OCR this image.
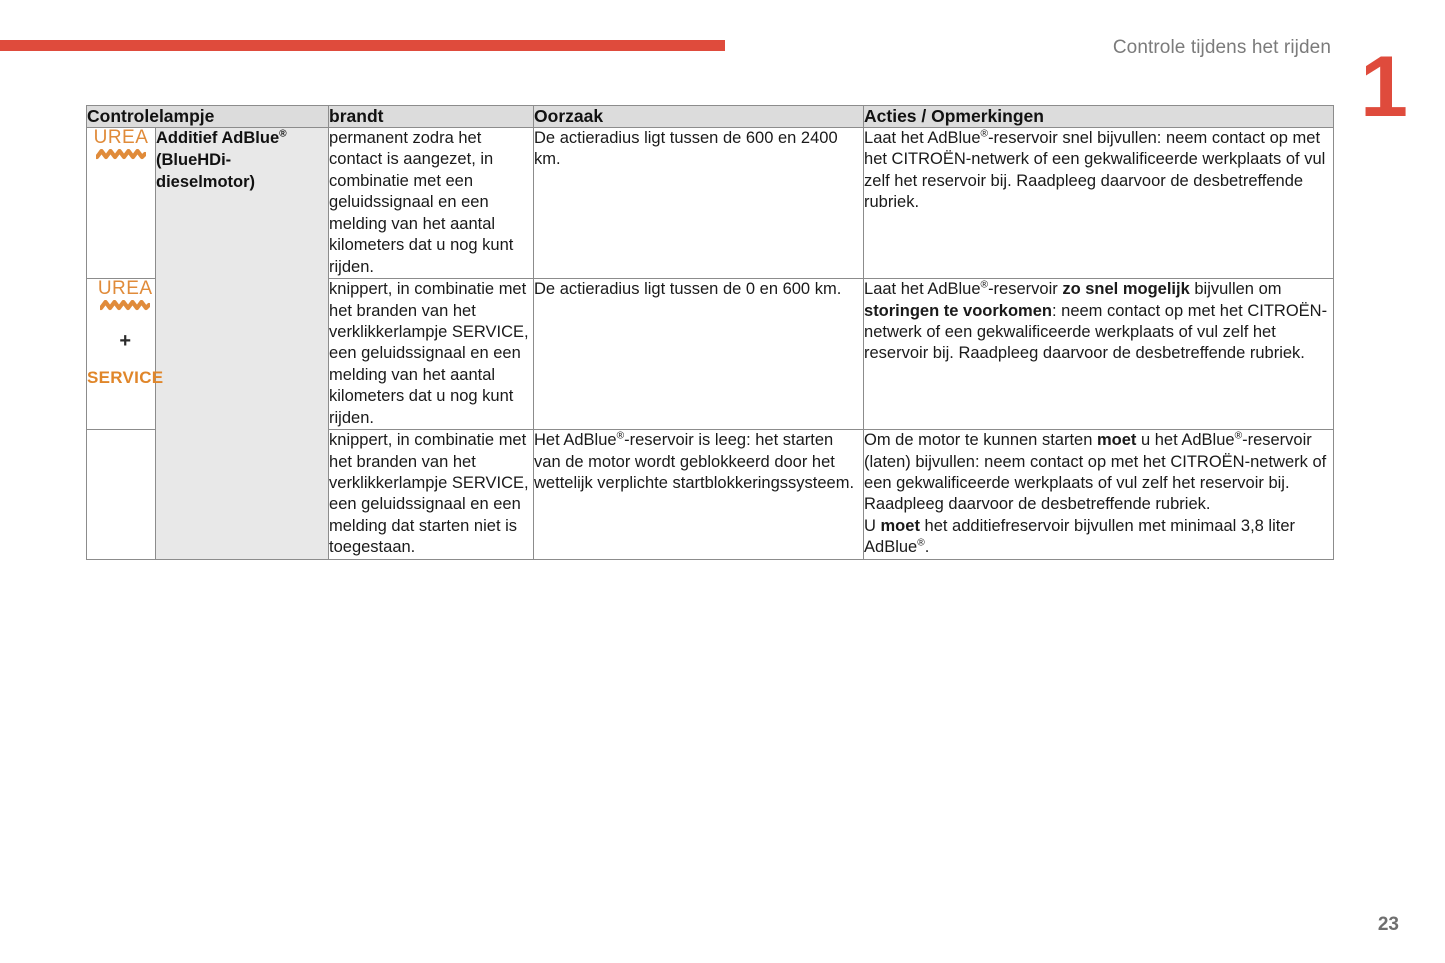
Controle tijdens het rijden 1
Controlelampje		brandt	Oorzaak	Acties / Opmerkingen

UREA	Additief AdBlue®
(BlueHDi-
dieselmotor)	permanent zodra het contact is aangezet, in combinatie met een geluidssignaal en een melding van het aantal kilometers dat u nog kunt rijden.	De actieradius ligt tussen de 600 en 2400 km.	Laat het AdBlue®-reservoir snel bijvullen: neem contact op met het CITROËN-netwerk of een gekwalificeerde werkplaats of vul zelf het reservoir bij. Raadpleeg daarvoor de desbetreffende rubriek.

UREA
+
SERVICE
	knippert, in combinatie met het branden van het verklikkerlampje SERVICE, een geluidssignaal en een melding van het aantal kilometers dat u nog kunt rijden.	De actieradius ligt tussen de 0 en 600 km.	Laat het AdBlue®-reservoir zo snel mogelijk bijvullen om storingen te voorkomen: neem contact op met het CITROËN-netwerk of een gekwalificeerde werkplaats of vul zelf het reservoir bij. Raadpleeg daarvoor de desbetreffende rubriek.
		knippert, in combinatie met het branden van het verklikkerlampje SERVICE, een geluidssignaal en een melding dat starten niet is toegestaan.	Het AdBlue®-reservoir is leeg: het starten van de motor wordt geblokkeerd door het wettelijk verplichte startblokkeringssysteem.	Om de motor te kunnen starten moet u het AdBlue®-reservoir (laten) bijvullen: neem contact op met het CITROËN-netwerk of een gekwalificeerde werkplaats of vul zelf het reservoir bij. Raadpleeg daarvoor de desbetreffende rubriek.
U moet het additiefreservoir bijvullen met minimaal 3,8 liter AdBlue®.
23
